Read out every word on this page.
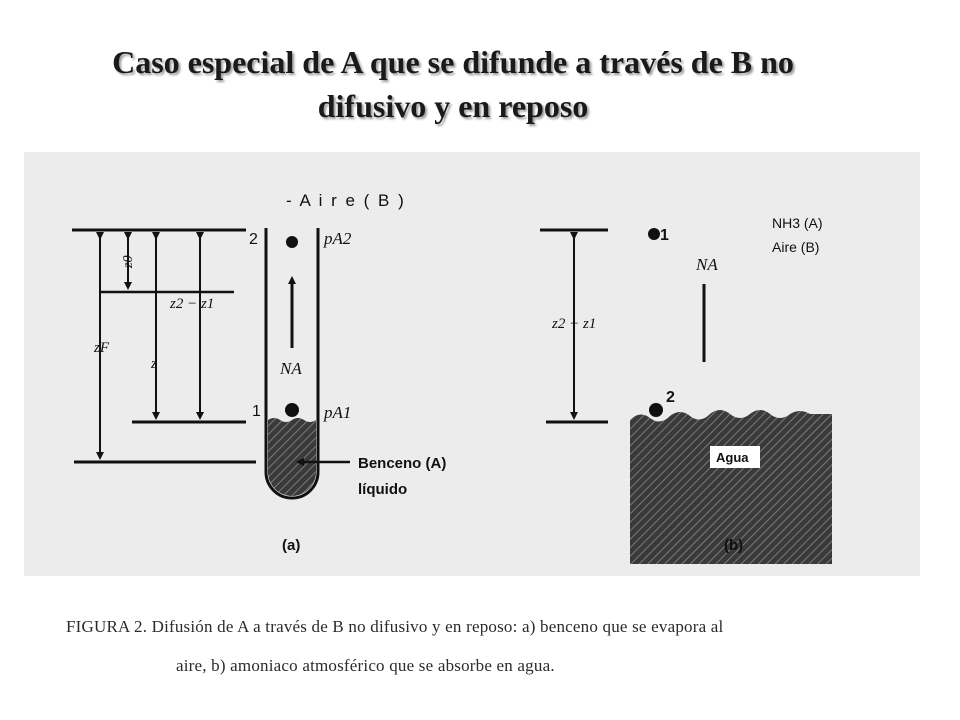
Caso especial de A que se difunde a través de B no
difusivo y en reposo
- A i r e ( B )
2
1
pA2
pA1
NA
z0
z2 − z1
z
zF
Benceno (A)
líquido
(a)
1
2
NH3 (A)
Aire (B)
NA
z2 − z1
Agua
(b)
FIGURA 2. Difusión de A a través de B no difusivo y en reposo: a) benceno que se evapora al
aire, b) amoniaco atmosférico que se absorbe en agua.
